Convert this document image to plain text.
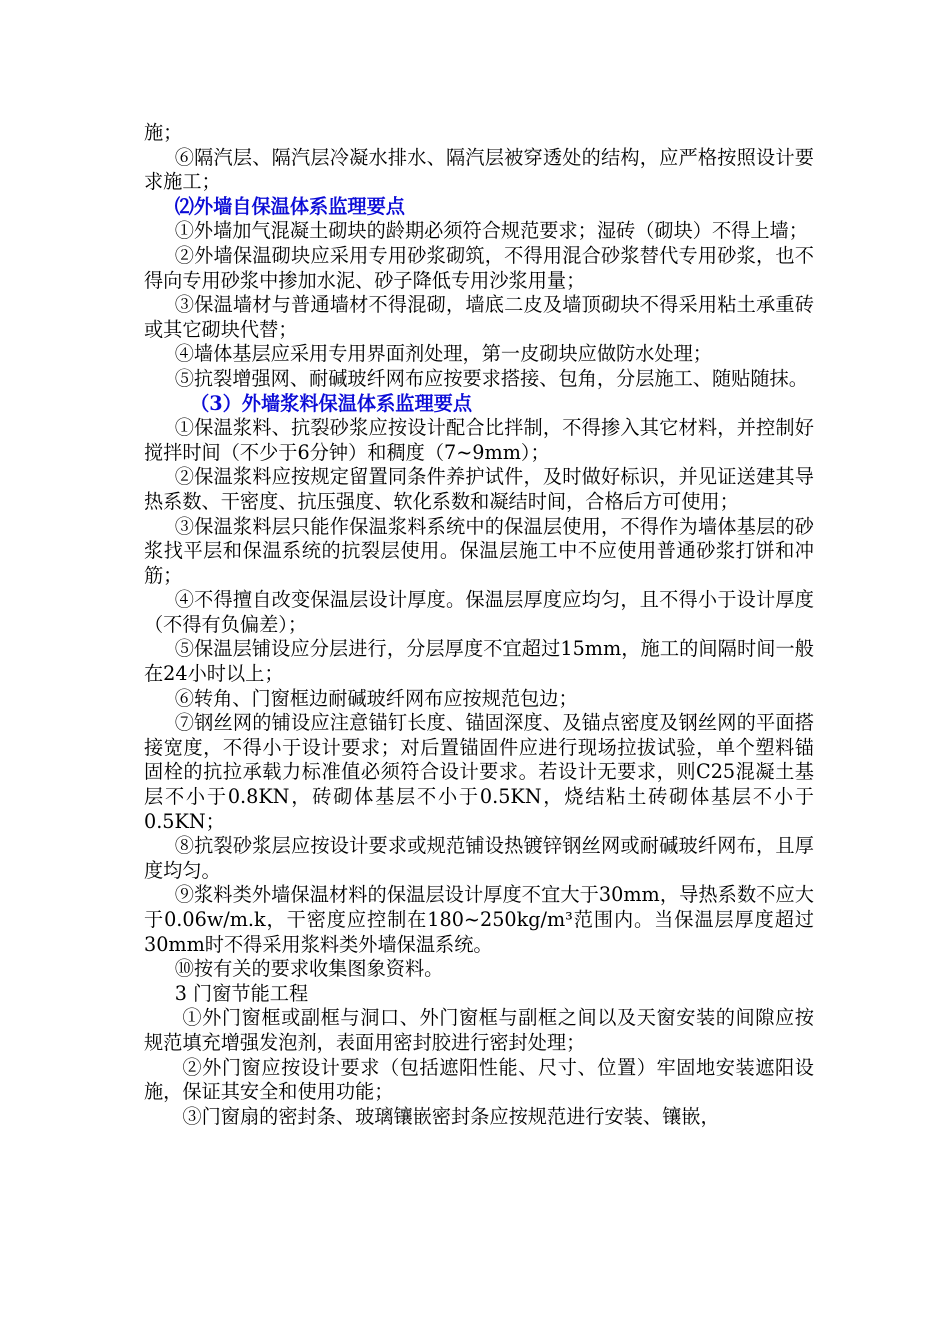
施；

⑥隔汽层、隔汽层冷凝水排水、隔汽层被穿透处的结构，应严格按照设计要求施工；

⑵外墙自保温体系监理要点

①外墙加气混凝土砌块的龄期必须符合规范要求；湿砖（砌块）不得上墙；

②外墙保温砌块应采用专用砂浆砌筑，不得用混合砂浆替代专用砂浆，也不得向专用砂浆中掺加水泥、砂子降低专用沙浆用量；

③保温墙材与普通墙材不得混砌，墙底二皮及墙顶砌块不得采用粘土承重砖或其它砌块代替；

④墙体基层应采用专用界面剂处理，第一皮砌块应做防水处理；

⑤抗裂增强网、耐碱玻纤网布应按要求搭接、包角，分层施工、随贴随抹。

（3）外墙浆料保温体系监理要点

①保温浆料、抗裂砂浆应按设计配合比拌制，不得掺入其它材料，并控制好搅拌时间（不少于6分钟）和稠度（7~9mm）；

②保温浆料应按规定留置同条件养护试件，及时做好标识，并见证送建其导热系数、干密度、抗压强度、软化系数和凝结时间，合格后方可使用；

③保温浆料层只能作保温浆料系统中的保温层使用，不得作为墙体基层的砂浆找平层和保温系统的抗裂层使用。保温层施工中不应使用普通砂浆打饼和冲筋；

④不得擅自改变保温层设计厚度。保温层厚度应均匀，且不得小于设计厚度（不得有负偏差）；

⑤保温层铺设应分层进行，分层厚度不宜超过15mm，施工的间隔时间一般在24小时以上；

⑥转角、门窗框边耐碱玻纤网布应按规范包边；

⑦钢丝网的铺设应注意锚钉长度、锚固深度、及锚点密度及钢丝网的平面搭接宽度，不得小于设计要求；对后置锚固件应进行现场拉拔试验，单个塑料锚固栓的抗拉承载力标准值必须符合设计要求。若设计无要求，则C25混凝土基层不小于0.8KN，砖砌体基层不小于0.5KN，烧结粘土砖砌体基层不小于0.5KN；

⑧抗裂砂浆层应按设计要求或规范铺设热镀锌钢丝网或耐碱玻纤网布，且厚度均匀。

⑨浆料类外墙保温材料的保温层设计厚度不宜大于30mm，导热系数不应大于0.06w/m.k，干密度应控制在180~250kg/m³范围内。当保温层厚度超过30mm时不得采用浆料类外墙保温系统。

⑩按有关的要求收集图象资料。

3 门窗节能工程

①外门窗框或副框与洞口、外门窗框与副框之间以及天窗安装的间隙应按规范填充增强发泡剂，表面用密封胶进行密封处理；

②外门窗应按设计要求（包括遮阳性能、尺寸、位置）牢固地安装遮阳设施，保证其安全和使用功能；

③门窗扇的密封条、玻璃镶嵌密封条应按规范进行安装、镶嵌，
